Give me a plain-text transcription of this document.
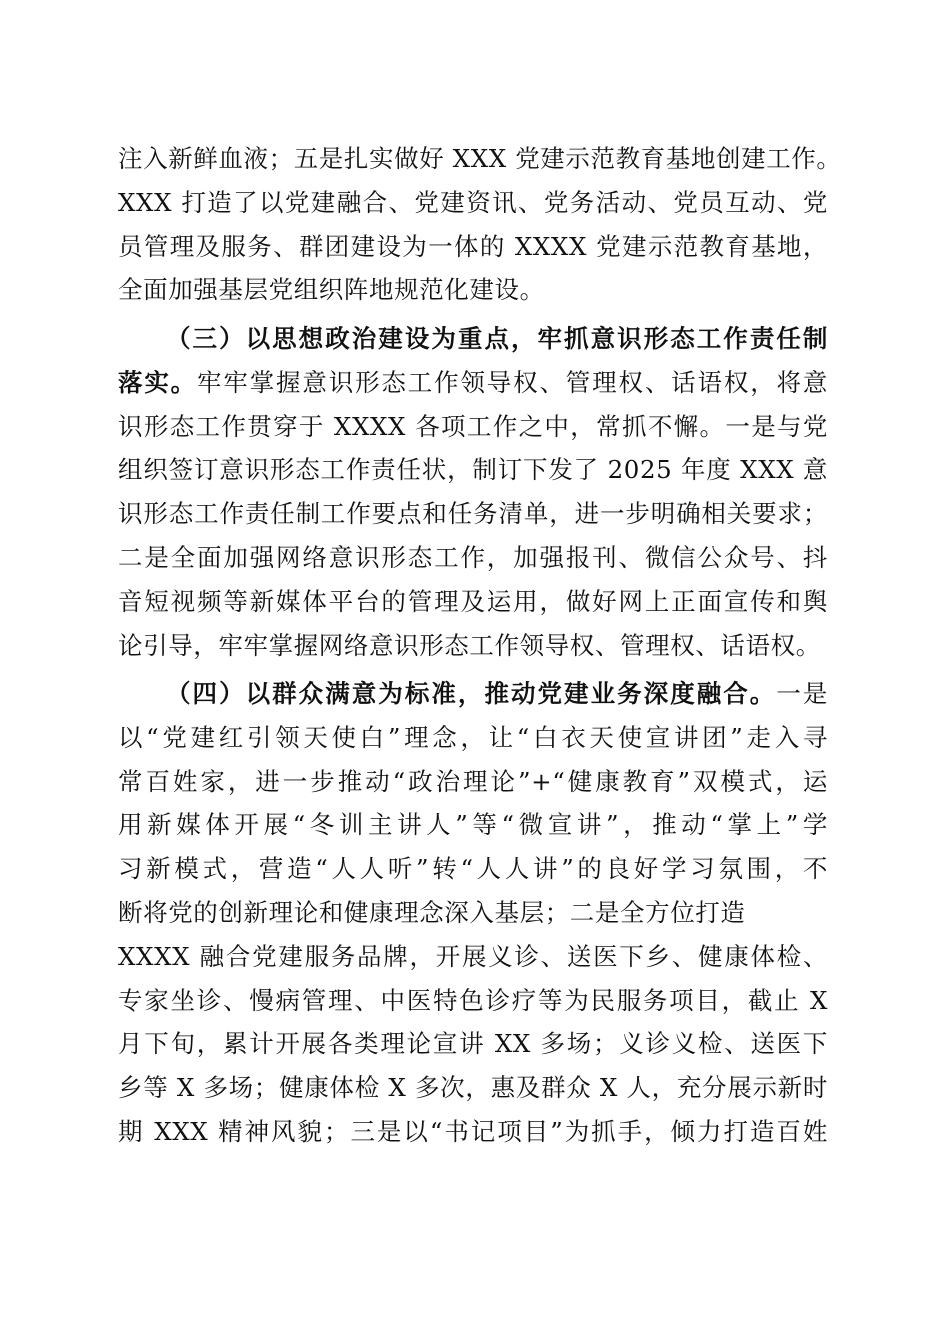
注入新鲜血液；五是扎实做好 XXX 党建示范教育基地创建工作。
XXX 打造了以党建融合、党建资讯、党务活动、党员互动、党
员管理及服务、群团建设为一体的 XXXX 党建示范教育基地，
全面加强基层党组织阵地规范化建设。
（三）以思想政治建设为重点，牢抓意识形态工作责任制
落实。牢牢掌握意识形态工作领导权、管理权、话语权，将意
识形态工作贯穿于 XXXX 各项工作之中，常抓不懈。一是与党
组织签订意识形态工作责任状，制订下发了 2025 年度 XXX 意
识形态工作责任制工作要点和任务清单，进一步明确相关要求；
二是全面加强网络意识形态工作，加强报刊、微信公众号、抖
音短视频等新媒体平台的管理及运用，做好网上正面宣传和舆
论引导，牢牢掌握网络意识形态工作领导权、管理权、话语权。
（四）以群众满意为标准，推动党建业务深度融合。一是
以“党建红引领天使白”理念，让“白衣天使宣讲团”走入寻
常百姓家，进一步推动“政治理论”+“健康教育”双模式，运
用新媒体开展“冬训主讲人”等“微宣讲”，推动“掌上”学
习新模式，营造“人人听”转“人人讲”的良好学习氛围，不
断将党的创新理论和健康理念深入基层；二是全方位打造
XXXX 融合党建服务品牌，开展义诊、送医下乡、健康体检、
专家坐诊、慢病管理、中医特色诊疗等为民服务项目，截止 X
月下旬，累计开展各类理论宣讲 XX 多场；义诊义检、送医下
乡等 X 多场；健康体检 X 多次，惠及群众 X 人，充分展示新时
期 XXX 精神风貌；三是以“书记项目”为抓手，倾力打造百姓
